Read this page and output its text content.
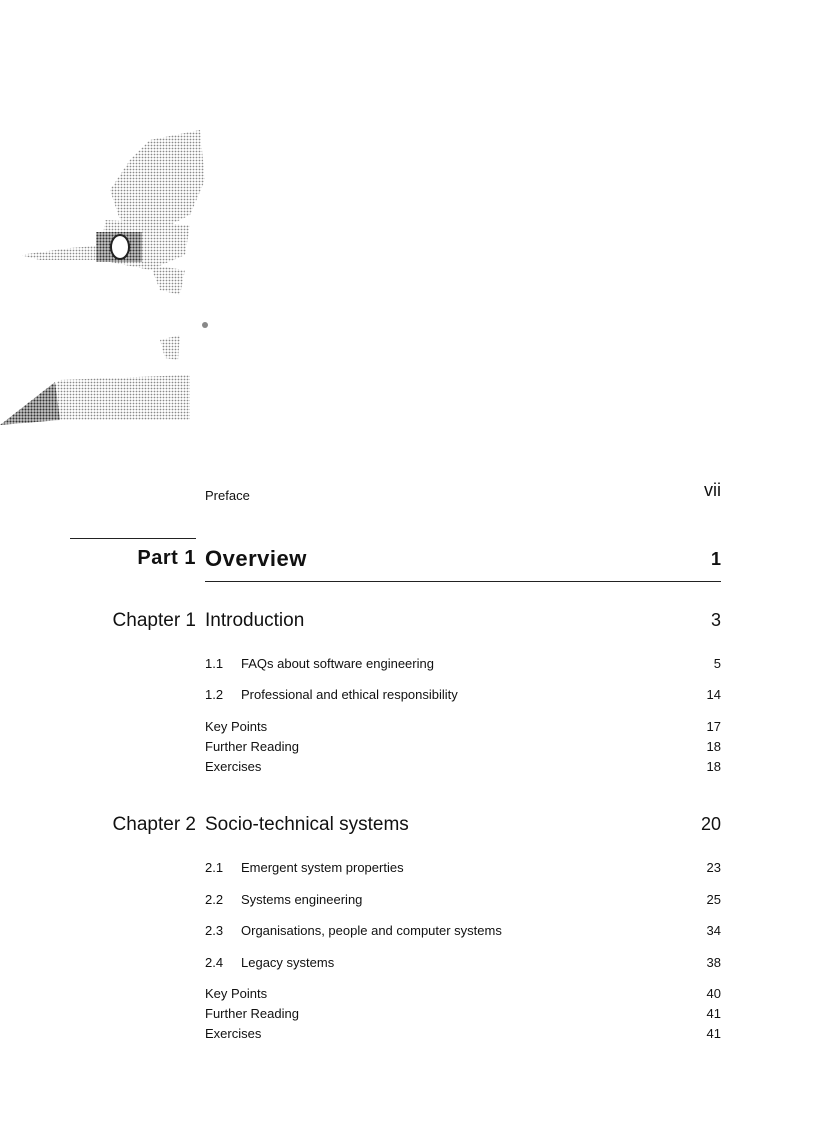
Preface	vii
Part 1 Overview	1
Chapter 1 Introduction	3
1.1 FAQs about software engineering	5
1.2 Professional and ethical responsibility	14
Key Points	17
Further Reading	18
Exercises	18
Chapter 2 Socio-technical systems	20
2.1 Emergent system properties	23
2.2 Systems engineering	25
2.3 Organisations, people and computer systems	34
2.4 Legacy systems	38
Key Points	40
Further Reading	41
Exercises	41
